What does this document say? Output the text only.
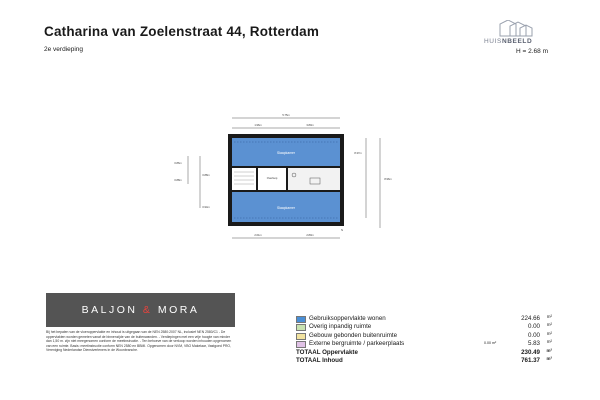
Catharina van Zoelenstraat 44, Rotterdam
2e verdieping	H = 2.68 m
HUISNBEELD
Slaapkamer
Slaapkamer
Overloop
5.75m
1.96m	3.80m
2.61m	2.80m
0.86m
0.88m
0.94m
0.88m
8.96m
8.37m
N
BALJON
&
MORA
Bij het bepalen van de vloeroppervlakte en inhoud is uitgegaan van de NEN 2580:2007 NL, inclusief NEN 2580/C1 - De oppervlakten worden gemeten vanaf de binnenzijde van de buitenwanden. - Verdiepingen met een vrije hoogte van minder dan 1,50 m. zijn niet meegenomen conform de meetinstructie. - Ten behoeve van de verkoop worden inhouden opgenomen van een ruimte. Basis: meetinstructie conform NEN 2580 en BBMI. Opgenomen door NVM, VBO Makelaar, Vastgoed PRO, Vereniging Nederlandse Dienstverleners in de Woonbranche.
Gebruiksoppervlakte wonen	224.66 m²
Overig inpandig ruimte	0.00 m²
Gebouw gebonden buitenruimte	0.00 m²
Externe bergruimte / parkeerplaats	0.00 m²	5.83 m²
TOTAAL Oppervlakte	230.49 m²
TOTAAL Inhoud	761.37 m³
